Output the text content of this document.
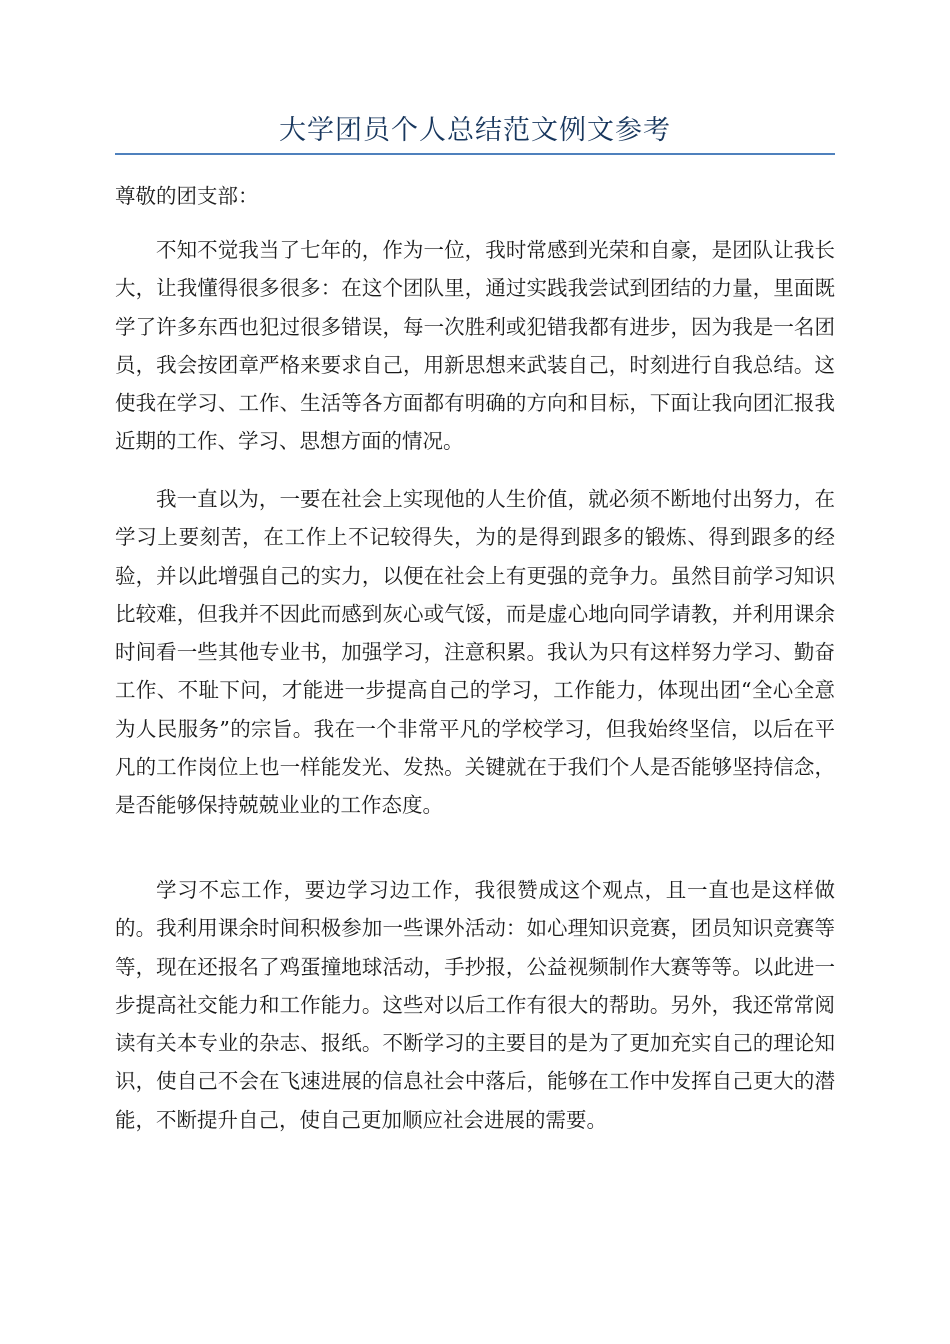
大学团员个人总结范文例文参考
尊敬的团支部：

不知不觉我当了七年的，作为一位，我时常感到光荣和自豪，是团队让我长大，让我懂得很多很多：在这个团队里，通过实践我尝试到团结的力量，里面既学了许多东西也犯过很多错误，每一次胜利或犯错我都有进步，因为我是一名团员，我会按团章严格来要求自己，用新思想来武装自己，时刻进行自我总结。这使我在学习、工作、生活等各方面都有明确的方向和目标，下面让我向团汇报我近期的工作、学习、思想方面的情况。

我一直以为，一要在社会上实现他的人生价值，就必须不断地付出努力，在学习上要刻苦，在工作上不记较得失，为的是得到跟多的锻炼、得到跟多的经验，并以此增强自己的实力，以便在社会上有更强的竞争力。虽然目前学习知识比较难，但我并不因此而感到灰心或气馁，而是虚心地向同学请教，并利用课余时间看一些其他专业书，加强学习，注意积累。我认为只有这样努力学习、勤奋工作、不耻下问，才能进一步提高自己的学习，工作能力，体现出团“全心全意为人民服务”的宗旨。我在一个非常平凡的学校学习，但我始终坚信，以后在平凡的工作岗位上也一样能发光、发热。关键就在于我们个人是否能够坚持信念，是否能够保持兢兢业业的工作态度。

学习不忘工作，要边学习边工作，我很赞成这个观点，且一直也是这样做的。我利用课余时间积极参加一些课外活动：如心理知识竞赛，团员知识竞赛等等，现在还报名了鸡蛋撞地球活动，手抄报，公益视频制作大赛等等。以此进一步提高社交能力和工作能力。这些对以后工作有很大的帮助。另外，我还常常阅读有关本专业的杂志、报纸。不断学习的主要目的是为了更加充实自己的理论知识，使自己不会在飞速进展的信息社会中落后，能够在工作中发挥自己更大的潜能，不断提升自己，使自己更加顺应社会进展的需要。
